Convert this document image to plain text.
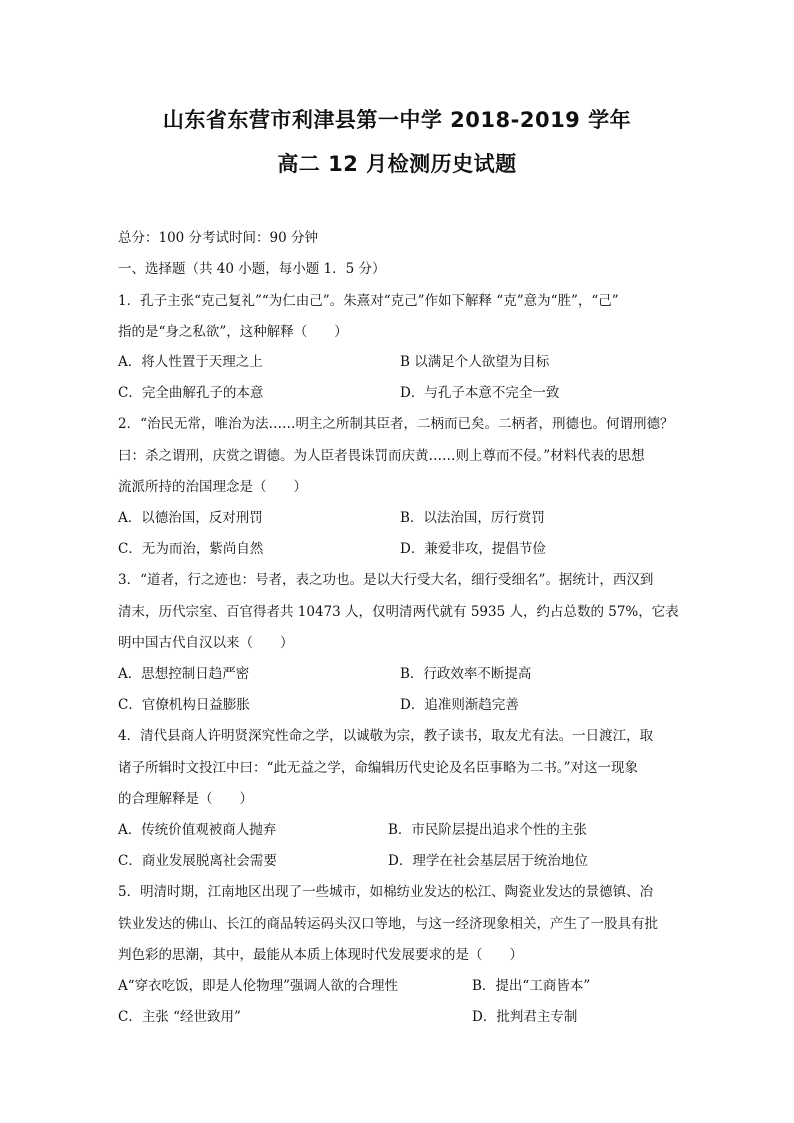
山东省东营市利津县第一中学 2018-2019 学年
高二 12 月检测历史试题
总分：100 分考试时间：90 分钟
一、选择题（共 40 小题，每小题 1．5 分）
1．孔子主张“克己复礼”“为仁由己”。朱熹对“克己”作如下解释 “克”意为“胜”，“己”
指的是“身之私欲”，这种解释（　　）
A．将人性置于天理之上	B 以满足个人欲望为目标
C．完全曲解孔子的本意	D．与孔子本意不完全一致
2．“治民无常，唯治为法……明主之所制其臣者，二柄而已矣。二柄者，刑德也。何谓刑德？
曰：杀之谓刑，庆赏之谓德。为人臣者畏诛罚而庆黄……则上尊而不侵。”材料代表的思想
流派所持的治国理念是（　　）
A．以德治国，反对刑罚	B．以法治国，厉行赏罚
C．无为而治，紫尚自然	D．兼爱非攻，提倡节俭
3．“道者，行之迹也：号者，表之功也。是以大行受大名，细行受细名”。据统计，西汉到
清末，历代宗室、百官得者共 10473 人，仅明清两代就有 5935 人，约占总数的 57%，它表
明中国古代自汉以来（　　）
A．思想控制日趋严密	B．行政效率不断提高
C．官僚机构日益膨胀	D．追准则渐趋完善
4．清代县商人许明贤深究性命之学，以诚敬为宗，教子读书，取友尤有法。一日渡江，取
诸子所辑时文投江中曰：“此无益之学，命编辑历代史论及名臣事略为二书。”对这一现象
的合理解释是（　　）
A．传统价值观被商人抛弃	B．市民阶层提出追求个性的主张
C．商业发展脱离社会需要	D．理学在社会基层居于统治地位
5．明清时期，江南地区出现了一些城市，如棉纺业发达的松江、陶瓷业发达的景德镇、冶
铁业发达的佛山、长江的商品转运码头汉口等地，与这一经济现象相关，产生了一股具有批
判色彩的思潮，其中，最能从本质上体现时代发展要求的是（　　）
A“穿衣吃饭，即是人伦物理”强调人欲的合理性	B．提出“工商皆本”
C．主张 “经世致用”	D．批判君主专制
